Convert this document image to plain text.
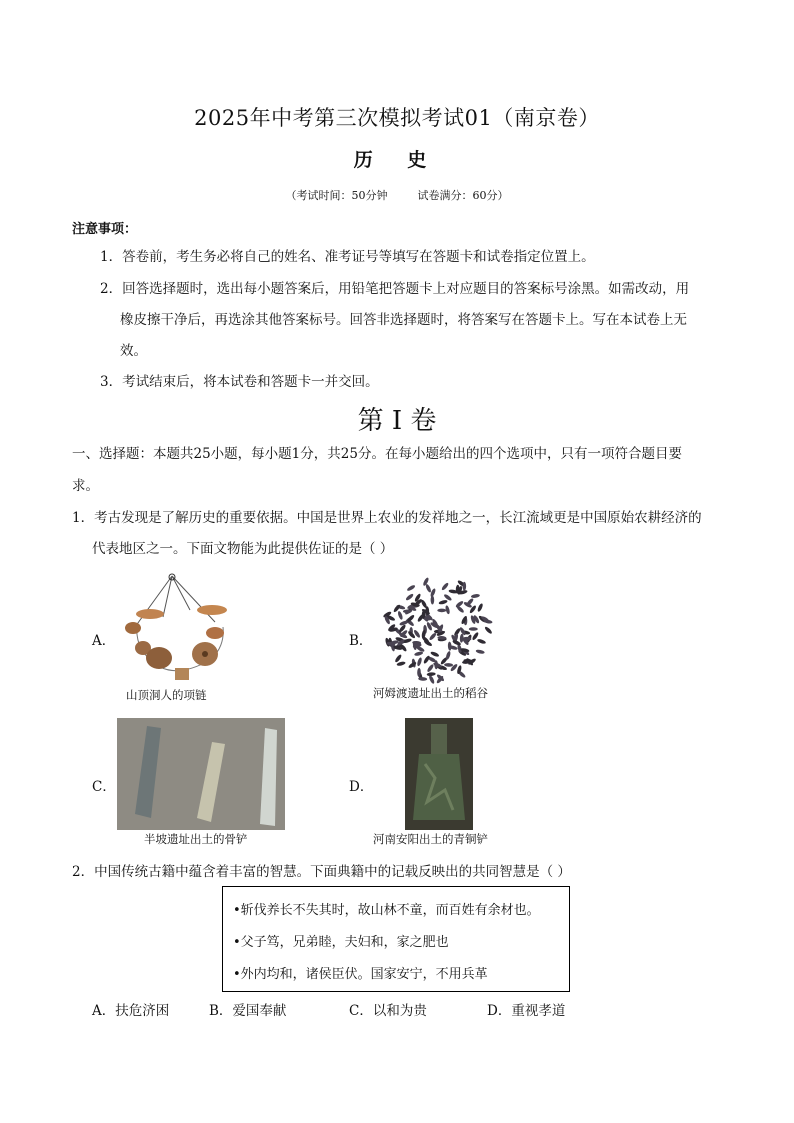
2025年中考第三次模拟考试01（南京卷）
历 史
（考试时间：50分钟	试卷满分：60分）
注意事项：
1．答卷前，考生务必将自己的姓名、准考证号等填写在答题卡和试卷指定位置上。
2．回答选择题时，选出每小题答案后，用铅笔把答题卡上对应题目的答案标号涂黑。如需改动，用
橡皮擦干净后，再选涂其他答案标号。回答非选择题时，将答案写在答题卡上。写在本试卷上无
效。
3．考试结束后，将本试卷和答题卡一并交回。
第 I 卷
一、选择题：本题共25小题，每小题1分，共25分。在每小题给出的四个选项中，只有一项符合题目要
求。
1．考古发现是了解历史的重要依据。中国是世界上农业的发祥地之一，长江流域更是中国原始农耕经济的
代表地区之一。下面文物能为此提供佐证的是（ ）
A．
山顶洞人的项链
B．
河姆渡遗址出土的稻谷
C．
半坡遗址出土的骨铲
D．
河南安阳出土的青铜铲
2．中国传统古籍中蕴含着丰富的智慧。下面典籍中的记载反映出的共同智慧是（ ）
•斩伐养长不失其时，故山林不童，而百姓有余材也。
•父子笃，兄弟睦，夫妇和，家之肥也
•外内均和，诸侯臣伏。国家安宁，不用兵革
A．扶危济困	B．爱国奉献	C．以和为贵	D．重视孝道
